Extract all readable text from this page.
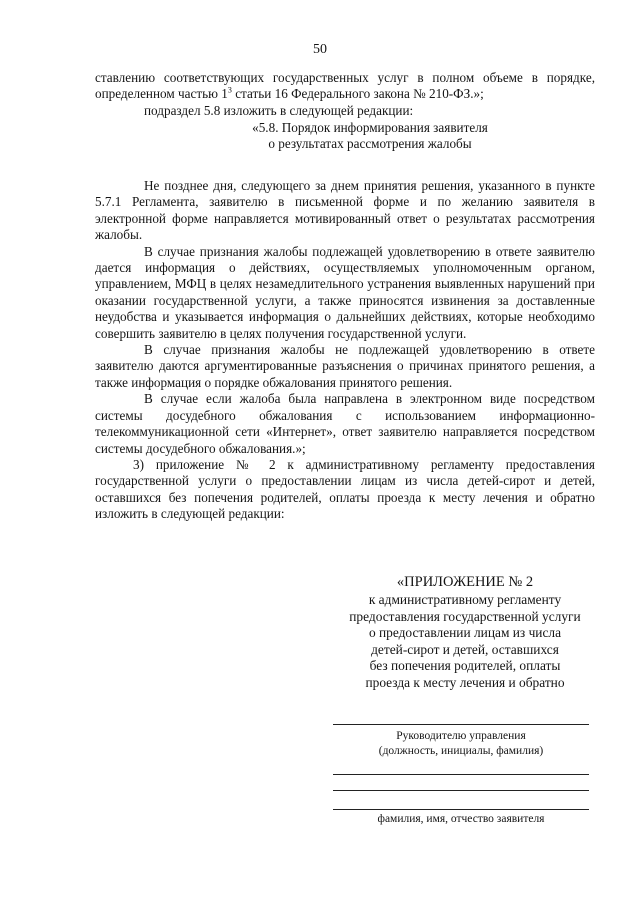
50

ставлению соответствующих государственных услуг в полном объеме в порядке, определенном частью $1^3$ статьи 16 Федерального закона № 210-ФЗ.»;

подраздел 5.8 изложить в следующей редакции:

«5.8. Порядок информирования заявителя

о результатах рассмотрения жалобы

Не позднее дня, следующего за днем принятия решения, указанного в пункте 5.7.1 Регламента, заявителю в письменной форме и по желанию заявителя в электронной форме направляется мотивированный ответ о результатах рассмотрения жалобы.

В случае признания жалобы подлежащей удовлетворению в ответе заявителю дается информация о действиях, осуществляемых уполномоченным органом, управлением, МФЦ в целях незамедлительного устранения выявленных нарушений при оказании государственной услуги, а также приносятся извинения за доставленные неудобства и указывается информация о дальнейших действиях, которые необходимо совершить заявителю в целях получения государственной услуги.

В случае признания жалобы не подлежащей удовлетворению в ответе заявителю даются аргументированные разъяснения о причинах принятого решения, а также информация о порядке обжалования принятого решения.

В случае если жалоба была направлена в электронном виде посредством системы досудебного обжалования с использованием информационно-телекоммуникационной сети «Интернет», ответ заявителю направляется посредством системы досудебного обжалования.»;

3) приложение № 2 к административному регламенту предоставления государственной услуги о предоставлении лицам из числа детей-сирот и детей, оставшихся без попечения родителей, оплаты проезда к месту лечения и обратно изложить в следующей редакции:

«ПРИЛОЖЕНИЕ № 2
к административному регламенту
предоставления государственной услуги
о предоставлении лицам из числа
детей-сирот и детей, оставшихся
без попечения родителей, оплаты
проезда к месту лечения и обратно
Руководителю управления
(должность, инициалы, фамилия)
фамилия, имя, отчество заявителя
